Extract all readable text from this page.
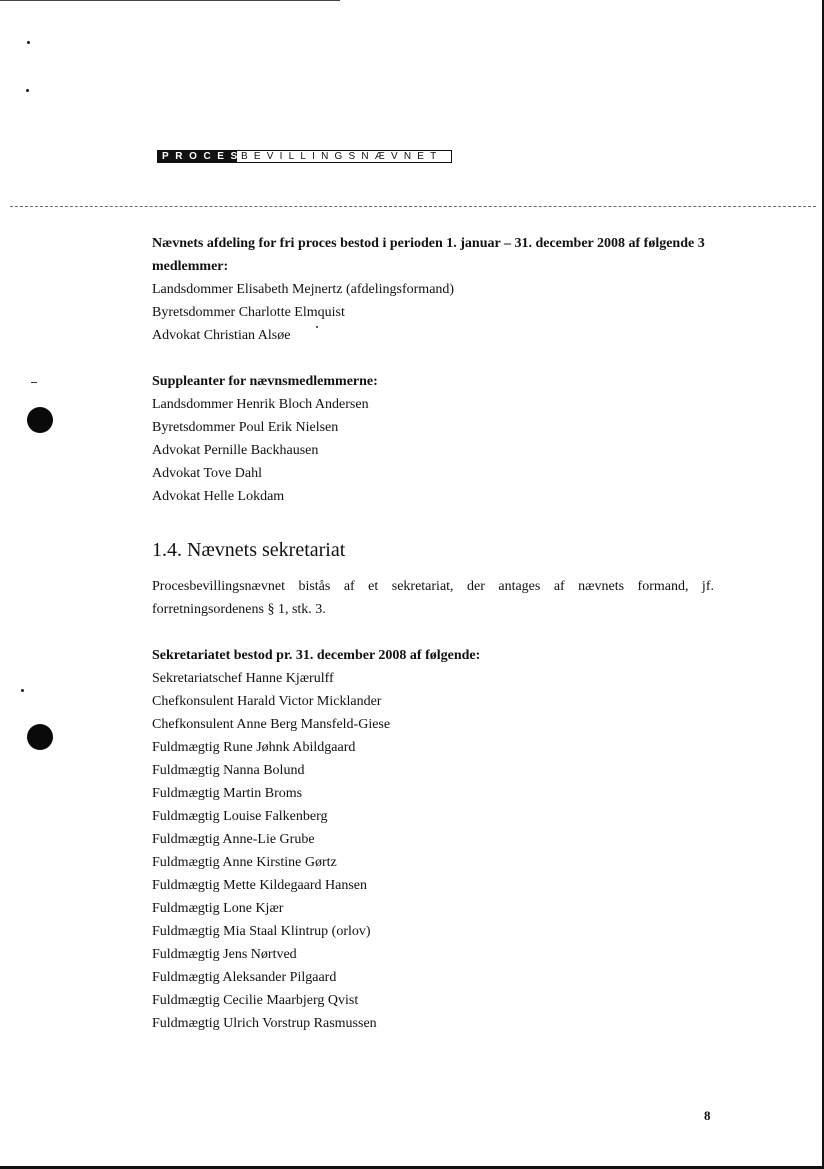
PROCES
BEVILLINGSNÆVNET
Nævnets afdeling for fri proces bestod i perioden 1. januar – 31. december 2008 af følgende 3
medlemmer:
Landsdommer Elisabeth Mejnertz (afdelingsformand)
Byretsdommer Charlotte Elmquist
Advokat Christian Alsøe
Suppleanter for nævnsmedlemmerne:
Landsdommer Henrik Bloch Andersen
Byretsdommer Poul Erik Nielsen
Advokat Pernille Backhausen
Advokat Tove Dahl
Advokat Helle Lokdam
1.4. Nævnets sekretariat
Procesbevillingsnævnet bistås af et sekretariat, der antages af nævnets formand, jf.
forretningsordenens § 1, stk. 3.
Sekretariatet bestod pr. 31. december 2008 af følgende:
Sekretariatschef Hanne Kjærulff
Chefkonsulent Harald Victor Micklander
Chefkonsulent Anne Berg Mansfeld-Giese
Fuldmægtig Rune Jøhnk Abildgaard
Fuldmægtig Nanna Bolund
Fuldmægtig Martin Broms
Fuldmægtig Louise Falkenberg
Fuldmægtig Anne-Lie Grube
Fuldmægtig Anne Kirstine Gørtz
Fuldmægtig Mette Kildegaard Hansen
Fuldmægtig Lone Kjær
Fuldmægtig Mia Staal Klintrup (orlov)
Fuldmægtig Jens Nørtved
Fuldmægtig Aleksander Pilgaard
Fuldmægtig Cecilie Maarbjerg Qvist
Fuldmægtig Ulrich Vorstrup Rasmussen
8
